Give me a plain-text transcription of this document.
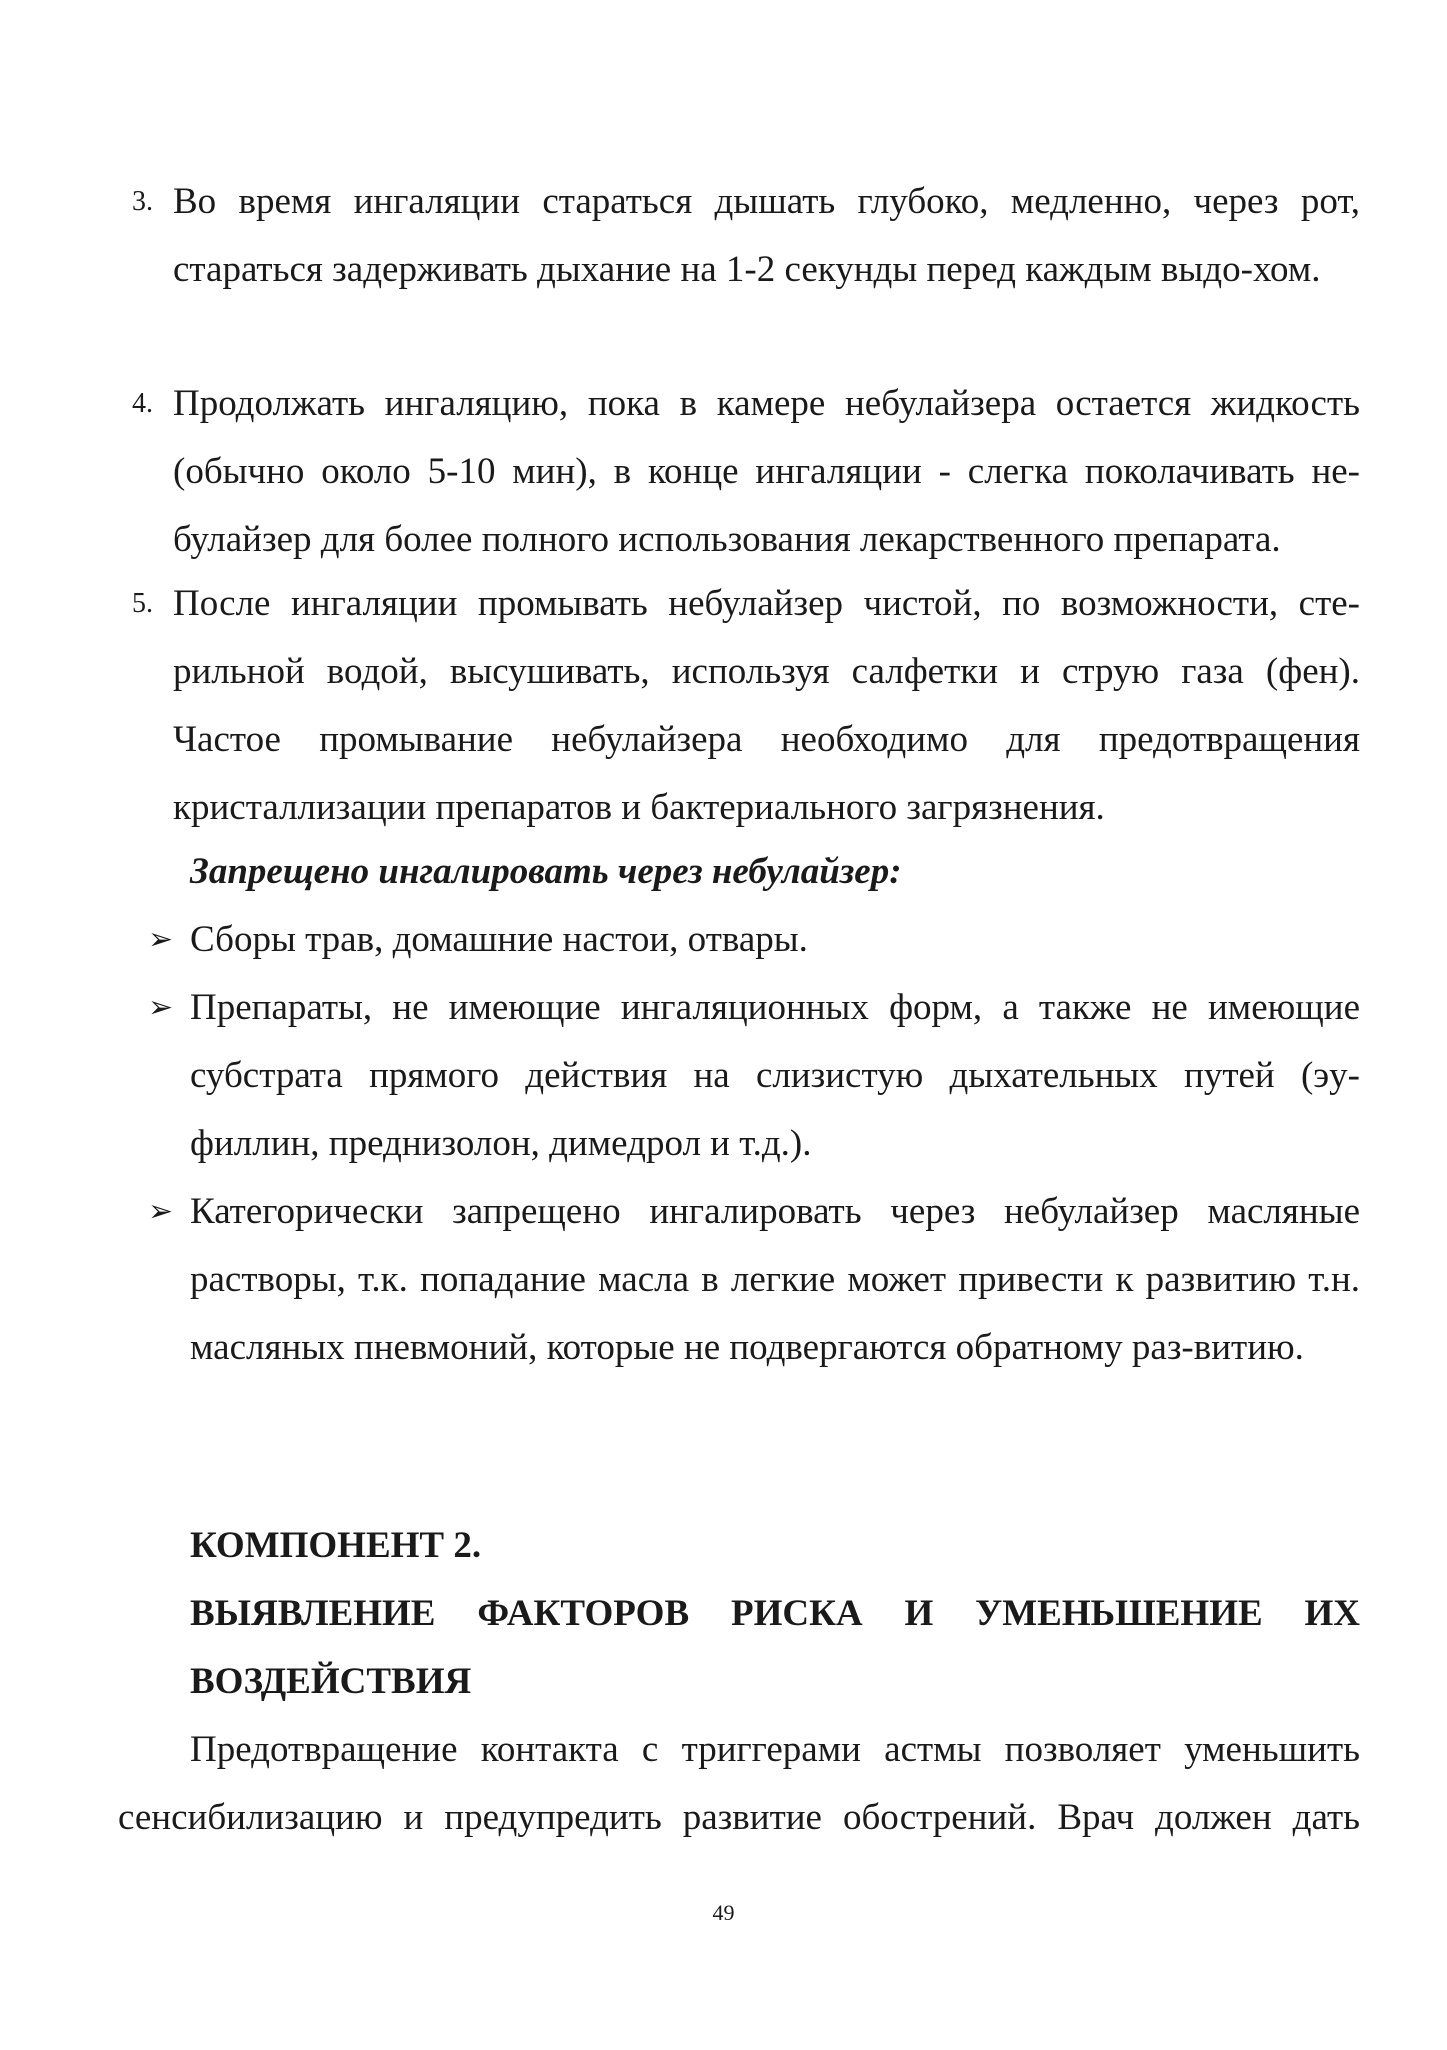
3. Во время ингаляции стараться дышать глубоко, медленно, через рот, стараться задерживать дыхание на 1-2 секунды перед каждым выдо-хом.
4. Продолжать ингаляцию, пока в камере небулайзера остается жидкость (обычно около 5-10 мин), в конце ингаляции - слегка поколачивать не-булайзер для более полного использования лекарственного препарата.
5. После ингаляции промывать небулайзер чистой, по возможности, сте-рильной водой, высушивать, используя салфетки и струю газа (фен). Частое промывание небулайзера необходимо для предотвращения кристаллизации препаратов и бактериального загрязнения.
Запрещено ингалировать через небулайзер:
➢ Сборы трав, домашние настои, отвары.
➢ Препараты, не имеющие ингаляционных форм, а также не имеющие субстрата прямого действия на слизистую дыхательных путей (эу-филлин, преднизолон, димедрол и т.д.).
➢ Категорически запрещено ингалировать через небулайзер масляные растворы, т.к. попадание масла в легкие может привести к развитию т.н. масляных пневмоний, которые не подвергаются обратному раз-витию.
КОМПОНЕНТ 2.
ВЫЯВЛЕНИЕ ФАКТОРОВ РИСКА И УМЕНЬШЕНИЕ ИХ
ВОЗДЕЙСТВИЯ
Предотвращение контакта с триггерами астмы позволяет уменьшить
сенсибилизацию и предупредить развитие обострений. Врач должен дать
49
